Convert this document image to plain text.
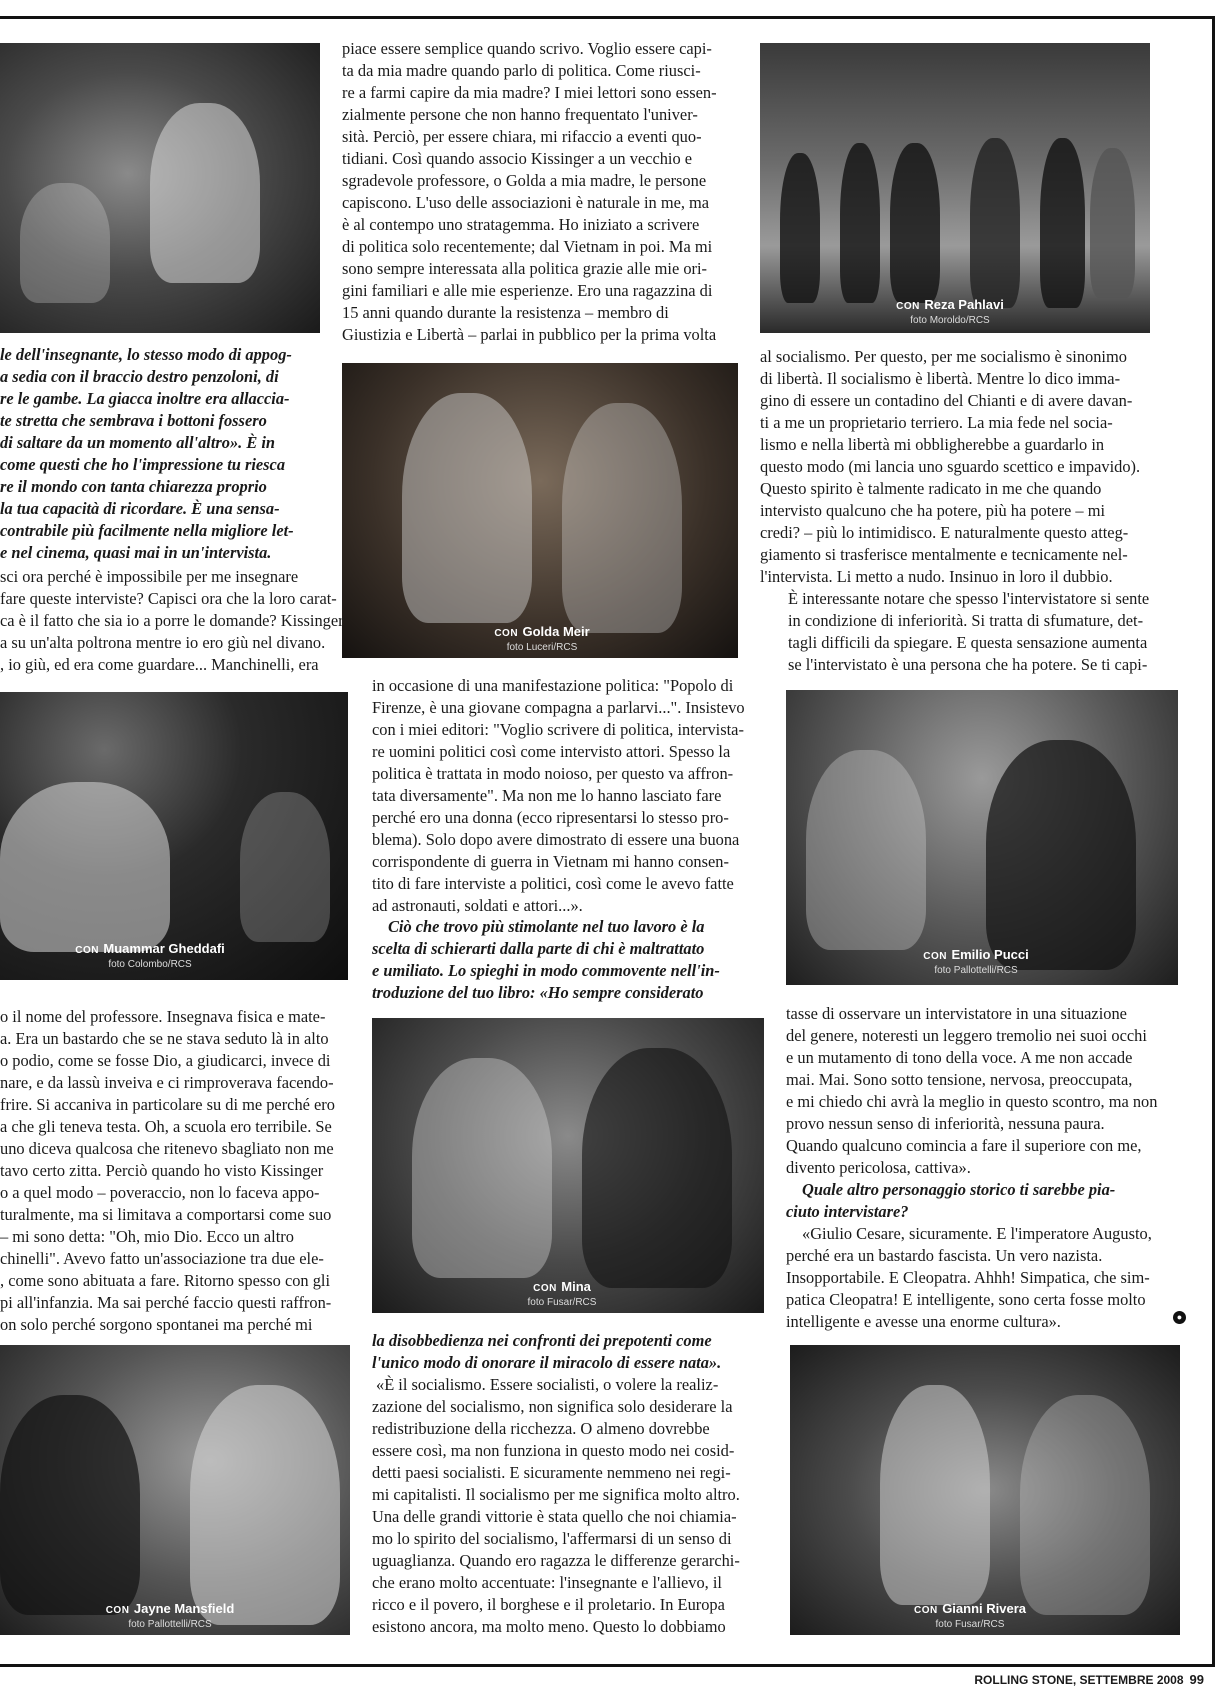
CON Reza Pahlavi
foto Moroldo/RCS
CON Golda Meir
foto Luceri/RCS
CON Muammar Gheddafi
foto Colombo/RCS
CON Emilio Pucci
foto Pallottelli/RCS
CON Mina
foto Fusar/RCS
CON Jayne Mansfield
foto Pallottelli/RCS
CON Gianni Rivera
foto Fusar/RCS

le dell'insegnante, lo stesso modo di appog-

a sedia con il braccio destro penzoloni, di

re le gambe. La giacca inoltre era allaccia-

te stretta che sembrava i bottoni fossero

di saltare da un momento all'altro». È in

come questi che ho l'impressione tu riesca

re il mondo con tanta chiarezza proprio

la tua capacità di ricordare. È una sensa-

contrabile più facilmente nella migliore let-

e nel cinema, quasi mai in un'intervista.

sci ora perché è impossibile per me insegnare

fare queste interviste? Capisci ora che la loro carat-

ca è il fatto che sia io a porre le domande? Kissinger

a su un'alta poltrona mentre io ero giù nel divano.

, io giù, ed era come guardare... Manchinelli, era

o il nome del professore. Insegnava fisica e mate-

a. Era un bastardo che se ne stava seduto là in alto

o podio, come se fosse Dio, a giudicarci, invece di

nare, e da lassù inveiva e ci rimproverava facendo-

frire. Si accaniva in particolare su di me perché ero

a che gli teneva testa. Oh, a scuola ero terribile. Se

uno diceva qualcosa che ritenevo sbagliato non me

tavo certo zitta. Perciò quando ho visto Kissinger

o a quel modo – poveraccio, non lo faceva appo-

turalmente, ma si limitava a comportarsi come suo

– mi sono detta: "Oh, mio Dio. Ecco un altro

chinelli". Avevo fatto un'associazione tra due ele-

, come sono abituata a fare. Ritorno spesso con gli

pi all'infanzia. Ma sai perché faccio questi raffron-

on solo perché sorgono spontanei ma perché mi

piace essere semplice quando scrivo. Voglio essere capi-

ta da mia madre quando parlo di politica. Come riusci-

re a farmi capire da mia madre? I miei lettori sono essen-

zialmente persone che non hanno frequentato l'univer-

sità. Perciò, per essere chiara, mi rifaccio a eventi quo-

tidiani. Così quando associo Kissinger a un vecchio e

sgradevole professore, o Golda a mia madre, le persone

capiscono. L'uso delle associazioni è naturale in me, ma

è al contempo uno stratagemma. Ho iniziato a scrivere

di politica solo recentemente; dal Vietnam in poi. Ma mi

sono sempre interessata alla politica grazie alle mie ori-

gini familiari e alle mie esperienze. Ero una ragazzina di

15 anni quando durante la resistenza – membro di

Giustizia e Libertà – parlai in pubblico per la prima volta

in occasione di una manifestazione politica: "Popolo di

Firenze, è una giovane compagna a parlarvi...". Insistevo

con i miei editori: "Voglio scrivere di politica, intervista-

re uomini politici così come intervisto attori. Spesso la

politica è trattata in modo noioso, per questo va affron-

tata diversamente". Ma non me lo hanno lasciato fare

perché ero una donna (ecco ripresentarsi lo stesso pro-

blema). Solo dopo avere dimostrato di essere una buona

corrispondente di guerra in Vietnam mi hanno consen-

tito di fare interviste a politici, così come le avevo fatte

ad astronauti, soldati e attori...».

Ciò che trovo più stimolante nel tuo lavoro è la

scelta di schierarti dalla parte di chi è maltrattato

e umiliato. Lo spieghi in modo commovente nell'in-

troduzione del tuo libro: «Ho sempre considerato

la disobbedienza nei confronti dei prepotenti come

l'unico modo di onorare il miracolo di essere nata».

«È il socialismo. Essere socialisti, o volere la realiz-

zazione del socialismo, non significa solo desiderare la

redistribuzione della ricchezza. O almeno dovrebbe

essere così, ma non funziona in questo modo nei cosid-

detti paesi socialisti. E sicuramente nemmeno nei regi-

mi capitalisti. Il socialismo per me significa molto altro.

Una delle grandi vittorie è stata quello che noi chiamia-

mo lo spirito del socialismo, l'affermarsi di un senso di

uguaglianza. Quando ero ragazza le differenze gerarchi-

che erano molto accentuate: l'insegnante e l'allievo, il

ricco e il povero, il borghese e il proletario. In Europa

esistono ancora, ma molto meno. Questo lo dobbiamo

al socialismo. Per questo, per me socialismo è sinonimo

di libertà. Il socialismo è libertà. Mentre lo dico imma-

gino di essere un contadino del Chianti e di avere davan-

ti a me un proprietario terriero. La mia fede nel socia-

lismo e nella libertà mi obbligherebbe a guardarlo in

questo modo (mi lancia uno sguardo scettico e impavido).

Questo spirito è talmente radicato in me che quando

intervisto qualcuno che ha potere, più ha potere – mi

credi? – più lo intimidisco. E naturalmente questo atteg-

giamento si trasferisce mentalmente e tecnicamente nel-

l'intervista. Li metto a nudo. Insinuo in loro il dubbio.

È interessante notare che spesso l'intervistatore si sente

in condizione di inferiorità. Si tratta di sfumature, det-

tagli difficili da spiegare. E questa sensazione aumenta

se l'intervistato è una persona che ha potere. Se ti capi-

tasse di osservare un intervistatore in una situazione

del genere, noteresti un leggero tremolio nei suoi occhi

e un mutamento di tono della voce. A me non accade

mai. Mai. Sono sotto tensione, nervosa, preoccupata,

e mi chiedo chi avrà la meglio in questo scontro, ma non

provo nessun senso di inferiorità, nessuna paura.

Quando qualcuno comincia a fare il superiore con me,

divento pericolosa, cattiva».

Quale altro personaggio storico ti sarebbe pia-

ciuto intervistare?

«Giulio Cesare, sicuramente. E l'imperatore Augusto,

perché era un bastardo fascista. Un vero nazista.

Insopportabile. E Cleopatra. Ahhh! Simpatica, che sim-

patica Cleopatra! E intelligente, sono certa fosse molto

intelligente e avesse una enorme cultura».	●
ROLLING STONE, SETTEMBRE 2008 99
